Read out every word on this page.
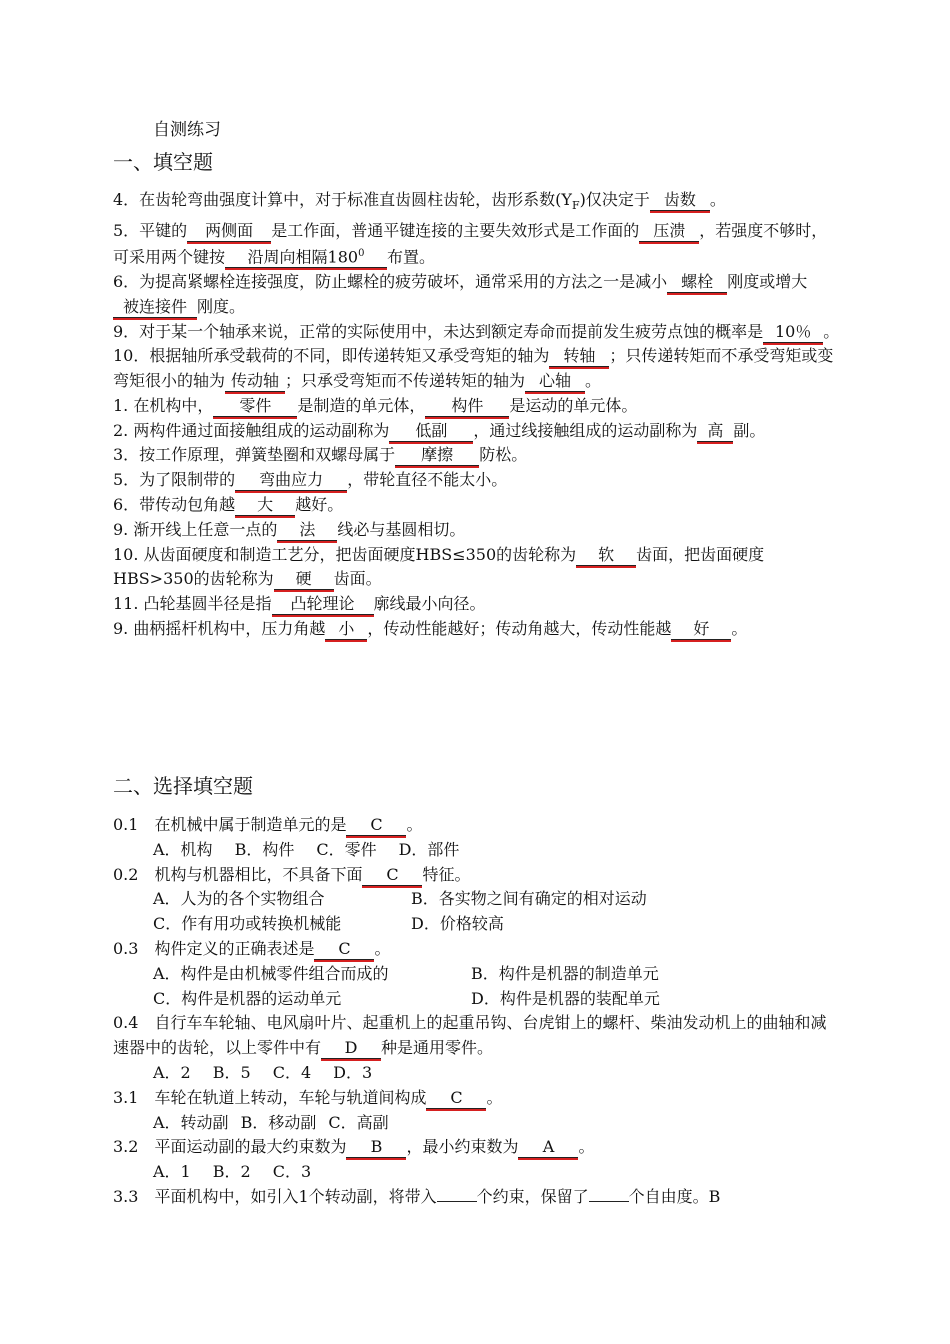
自测练习
一、填空题
4．在齿轮弯曲强度计算中，对于标准直齿圆柱齿轮，齿形系数$(Y_F)$仅决定于 齿数 。
5．平键的 两侧面 是工作面，普通平键连接的主要失效形式是工作面的 压溃 ，若强度不够时，可采用两个键按 沿周向相隔$180^0$ 布置。
6．为提高紧螺栓连接强度，防止螺栓的疲劳破坏，通常采用的方法之一是减小 螺栓 刚度或增大被连接件 刚度。
9．对于某一个轴承来说，正常的实际使用中，未达到额定寿命而提前发生疲劳点蚀的概率是 10％ 。
10．根据轴所承受载荷的不同，即传递转矩又承受弯矩的轴为 转轴 ；只传递转矩而不承受弯矩或变弯矩很小的轴为 传动轴 ；只承受弯矩而不传递转矩的轴为 心轴 。
1. 在机构中， 零件 是制造的单元体， 构件 是运动的单元体。
2. 两构件通过面接触组成的运动副称为 低副 ，通过线接触组成的运动副称为 高 副。
3．按工作原理，弹簧垫圈和双螺母属于 摩擦 防松。
5．为了限制带的 弯曲应力 ，带轮直径不能太小。
6．带传动包角越 大 越好。
9. 渐开线上任意一点的 法 线必与基圆相切。
10. 从齿面硬度和制造工艺分，把齿面硬度HBS≤350的齿轮称为 软 齿面，把齿面硬度HBS>350的齿轮称为 硬 齿面。
11. 凸轮基圆半径是指 凸轮理论 廓线最小向径。
9. 曲柄摇杆机构中，压力角越 小 ，传动性能越好；传动角越大，传动性能越 好 。
二、选择填空题
0.1　在机械中属于制造单元的是 C 。
A．机构 B．构件 C．零件 D．部件
0.2　机构与机器相比，不具备下面 C 特征。
A．人为的各个实物组合	B．各实物之间有确定的相对运动
C．作有用功或转换机械能	D．价格较高
0.3　构件定义的正确表述是 C 。
A．构件是由机械零件组合而成的	B．构件是机器的制造单元
C．构件是机器的运动单元	D．构件是机器的装配单元
0.4　自行车车轮轴、电风扇叶片、起重机上的起重吊钩、台虎钳上的螺杆、柴油发动机上的曲轴和减速器中的齿轮，以上零件中有 D 种是通用零件。
A．2 B．5 C．4 D．3
3.1　车轮在轨道上转动，车轮与轨道间构成 C 。
A．转动副 B．移动副 C．高副
3.2　平面运动副的最大约束数为 B ，最小约束数为 A 。
A．1 B．2 C．3
3.3　平面机构中，如引入1个转动副，将带入	个约束，保留了	个自由度。B
